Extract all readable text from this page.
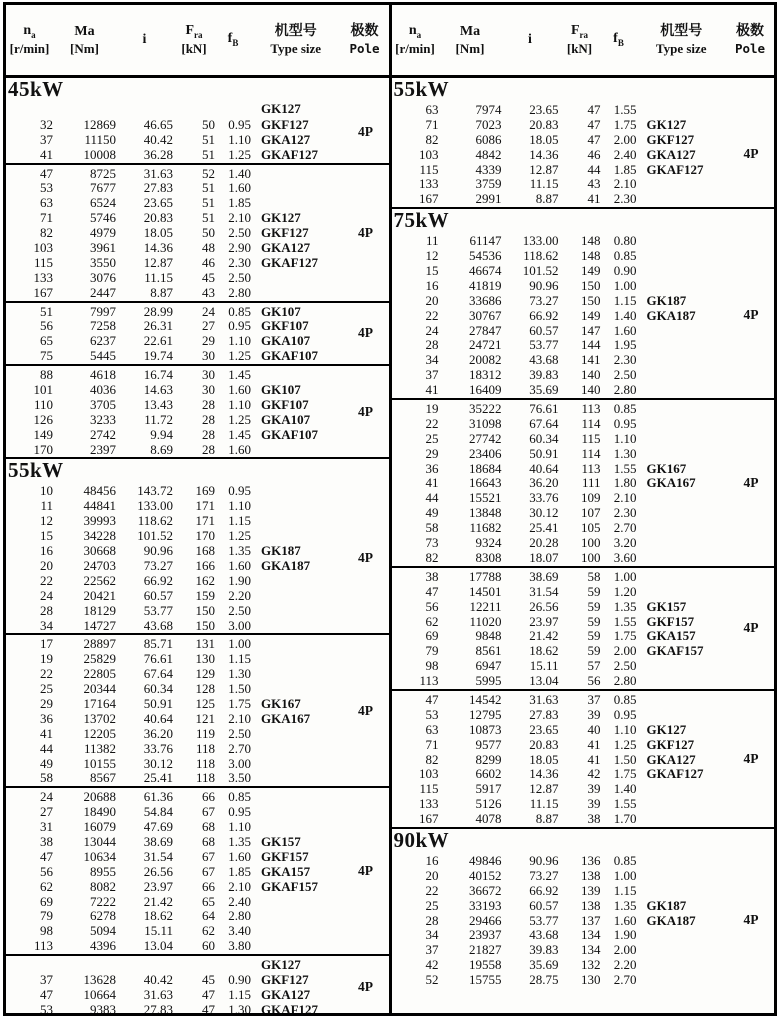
$n_a$
[r/min]
Ma
[Nm]
i
$F_{ra}$
[kN]
$f_B$
机型号
Type size
极数
Pole
45kW
GK127
32	12869	46.65	50	0.95 GKF127
37	11150	40.42	51	1.10 GKA127
41	10008	36.28	51	1.25 GKAF127
4P
47	8725	31.63	52	1.40
53	7677	27.83	51	1.60
63	6524	23.65	51	1.85
71	5746	20.83	51	2.10 GK127
82	4979	18.05	50	2.50 GKF127
103	3961	14.36	48	2.90 GKA127
115	3550	12.87	46	2.30 GKAF127
133	3076	11.15	45	2.50
167	2447	8.87	43	2.80
4P
51	7997	28.99	24	0.85 GK107
56	7258	26.31	27	0.95 GKF107
65	6237	22.61	29	1.10 GKA107
75	5445	19.74	30	1.25 GKAF107
4P
88	4618	16.74	30	1.45
101	4036	14.63	30	1.60 GK107
110	3705	13.43	28	1.10 GKF107
126	3233	11.72	28	1.25 GKA107
149	2742	9.94	28	1.45 GKAF107
170	2397	8.69	28	1.60
4P
55kW
10	48456	143.72	169	0.95
11	44841	133.00	171	1.10
12	39993	118.62	171	1.15
15	34228	101.52	170	1.25
16	30668	90.96	168	1.35 GK187
20	24703	73.27	166	1.60 GKA187
22	22562	66.92	162	1.90
24	20421	60.57	159	2.20
28	18129	53.77	150	2.50
34	14727	43.68	150	3.00
4P
17	28897	85.71	131	1.00
19	25829	76.61	130	1.15
22	22805	67.64	129	1.30
25	20344	60.34	128	1.50
29	17164	50.91	125	1.75 GK167
36	13702	40.64	121	2.10 GKA167
41	12205	36.20	119	2.50
44	11382	33.76	118	2.70
49	10155	30.12	118	3.00
58	8567	25.41	118	3.50
4P
24	20688	61.36	66	0.85
27	18490	54.84	67	0.95
31	16079	47.69	68	1.10
38	13044	38.69	68	1.35 GK157
47	10634	31.54	67	1.60 GKF157
56	8955	26.56	67	1.85 GKA157
62	8082	23.97	66	2.10 GKAF157
69	7222	21.42	65	2.40
79	6278	18.62	64	2.80
98	5094	15.11	62	3.40
113	4396	13.04	60	3.80
4P
GK127
37	13628	40.42	45	0.90 GKF127
47	10664	31.63	47	1.15 GKA127
53	9383	27.83	47	1.30 GKAF127
4P
$n_a$
[r/min]
Ma
[Nm]
i
$F_{ra}$
[kN]
$f_B$
机型号
Type size
极数
Pole
55kW
63	7974	23.65	47	1.55
71	7023	20.83	47	1.75 GK127
82	6086	18.05	47	2.00 GKF127
103	4842	14.36	46	2.40 GKA127
115	4339	12.87	44	1.85 GKAF127
133	3759	11.15	43	2.10
167	2991	8.87	41	2.30
4P
75kW
11	61147	133.00	148	0.80
12	54536	118.62	148	0.85
15	46674	101.52	149	0.90
16	41819	90.96	150	1.00
20	33686	73.27	150	1.15 GK187
22	30767	66.92	149	1.40 GKA187
24	27847	60.57	147	1.60
28	24721	53.77	144	1.95
34	20082	43.68	141	2.30
37	18312	39.83	140	2.50
41	16409	35.69	140	2.80
4P
19	35222	76.61	113	0.85
22	31098	67.64	114	0.95
25	27742	60.34	115	1.10
29	23406	50.91	114	1.30
36	18684	40.64	113	1.55 GK167
41	16643	36.20	111	1.80 GKA167
44	15521	33.76	109	2.10
49	13848	30.12	107	2.30
58	11682	25.41	105	2.70
73	9324	20.28	100	3.20
82	8308	18.07	100	3.60
4P
38	17788	38.69	58	1.00
47	14501	31.54	59	1.20
56	12211	26.56	59	1.35 GK157
62	11020	23.97	59	1.55 GKF157
69	9848	21.42	59	1.75 GKA157
79	8561	18.62	59	2.00 GKAF157
98	6947	15.11	57	2.50
113	5995	13.04	56	2.80
4P
47	14542	31.63	37	0.85
53	12795	27.83	39	0.95
63	10873	23.65	40	1.10 GK127
71	9577	20.83	41	1.25 GKF127
82	8299	18.05	41	1.50 GKA127
103	6602	14.36	42	1.75 GKAF127
115	5917	12.87	39	1.40
133	5126	11.15	39	1.55
167	4078	8.87	38	1.70
4P
90kW
16	49846	90.96	136	0.85
20	40152	73.27	138	1.00
22	36672	66.92	139	1.15
25	33193	60.57	138	1.35 GK187
28	29466	53.77	137	1.60 GKA187
34	23937	43.68	134	1.90
37	21827	39.83	134	2.00
42	19558	35.69	132	2.20
52	15755	28.75	130	2.70
4P
